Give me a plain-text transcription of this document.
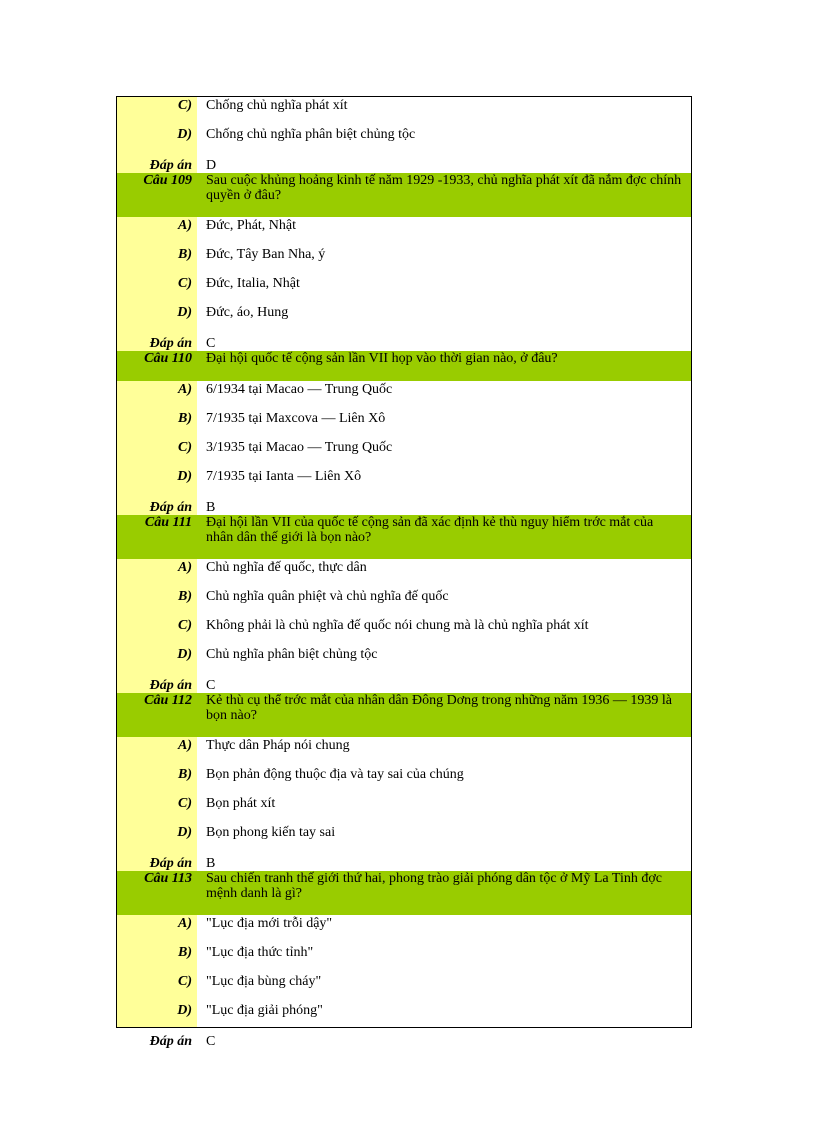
C) Chống chủ nghĩa phát xít
D) Chống chủ nghĩa phân biệt chủng tộc
Đáp án D
Câu 109 Sau cuộc khủng hoảng kinh tế năm 1929 -1933, chủ nghĩa phát xít đã nắm đợc chính quyền ở đâu?
A) Đức, Phát, Nhật
B) Đức, Tây Ban Nha, ý
C) Đức, Italia, Nhật
D) Đức, áo, Hung
Đáp án C
Câu 110 Đại hội quốc tế cộng sản lần VII họp vào thời gian nào, ở đâu?
A) 6/1934 tại Macao — Trung Quốc
B) 7/1935 tại Maxcova — Liên Xô
C) 3/1935 tại Macao — Trung Quốc
D) 7/1935 tại Ianta — Liên Xô
Đáp án B
Câu 111 Đại hội lần VII của quốc tế cộng sản đã xác định kẻ thù nguy hiểm trớc mắt của nhân dân thế giới là bọn nào?
A) Chủ nghĩa đế quốc, thực dân
B) Chủ nghĩa quân phiệt và chủ nghĩa đế quốc
C) Không phải là chủ nghĩa đế quốc nói chung mà là chủ nghĩa phát xít
D) Chủ nghĩa phân biệt chủng tộc
Đáp án C
Câu 112 Kẻ thù cụ thể trớc mắt của nhân dân Đông Dơng trong những năm 1936 — 1939 là bọn nào?
A) Thực dân Pháp nói chung
B) Bọn phản động thuộc địa và tay sai của chúng
C) Bọn phát xít
D) Bọn phong kiến tay sai
Đáp án B
Câu 113 Sau chiến tranh thế giới thứ hai, phong trào giải phóng dân tộc ở Mỹ La Tinh đợc mệnh danh là gì?
A) "Lục địa mới trỗi dậy"
B) "Lục địa thức tỉnh"
C) "Lục địa bùng cháy"
D) "Lục địa giải phóng"
Đáp án C
